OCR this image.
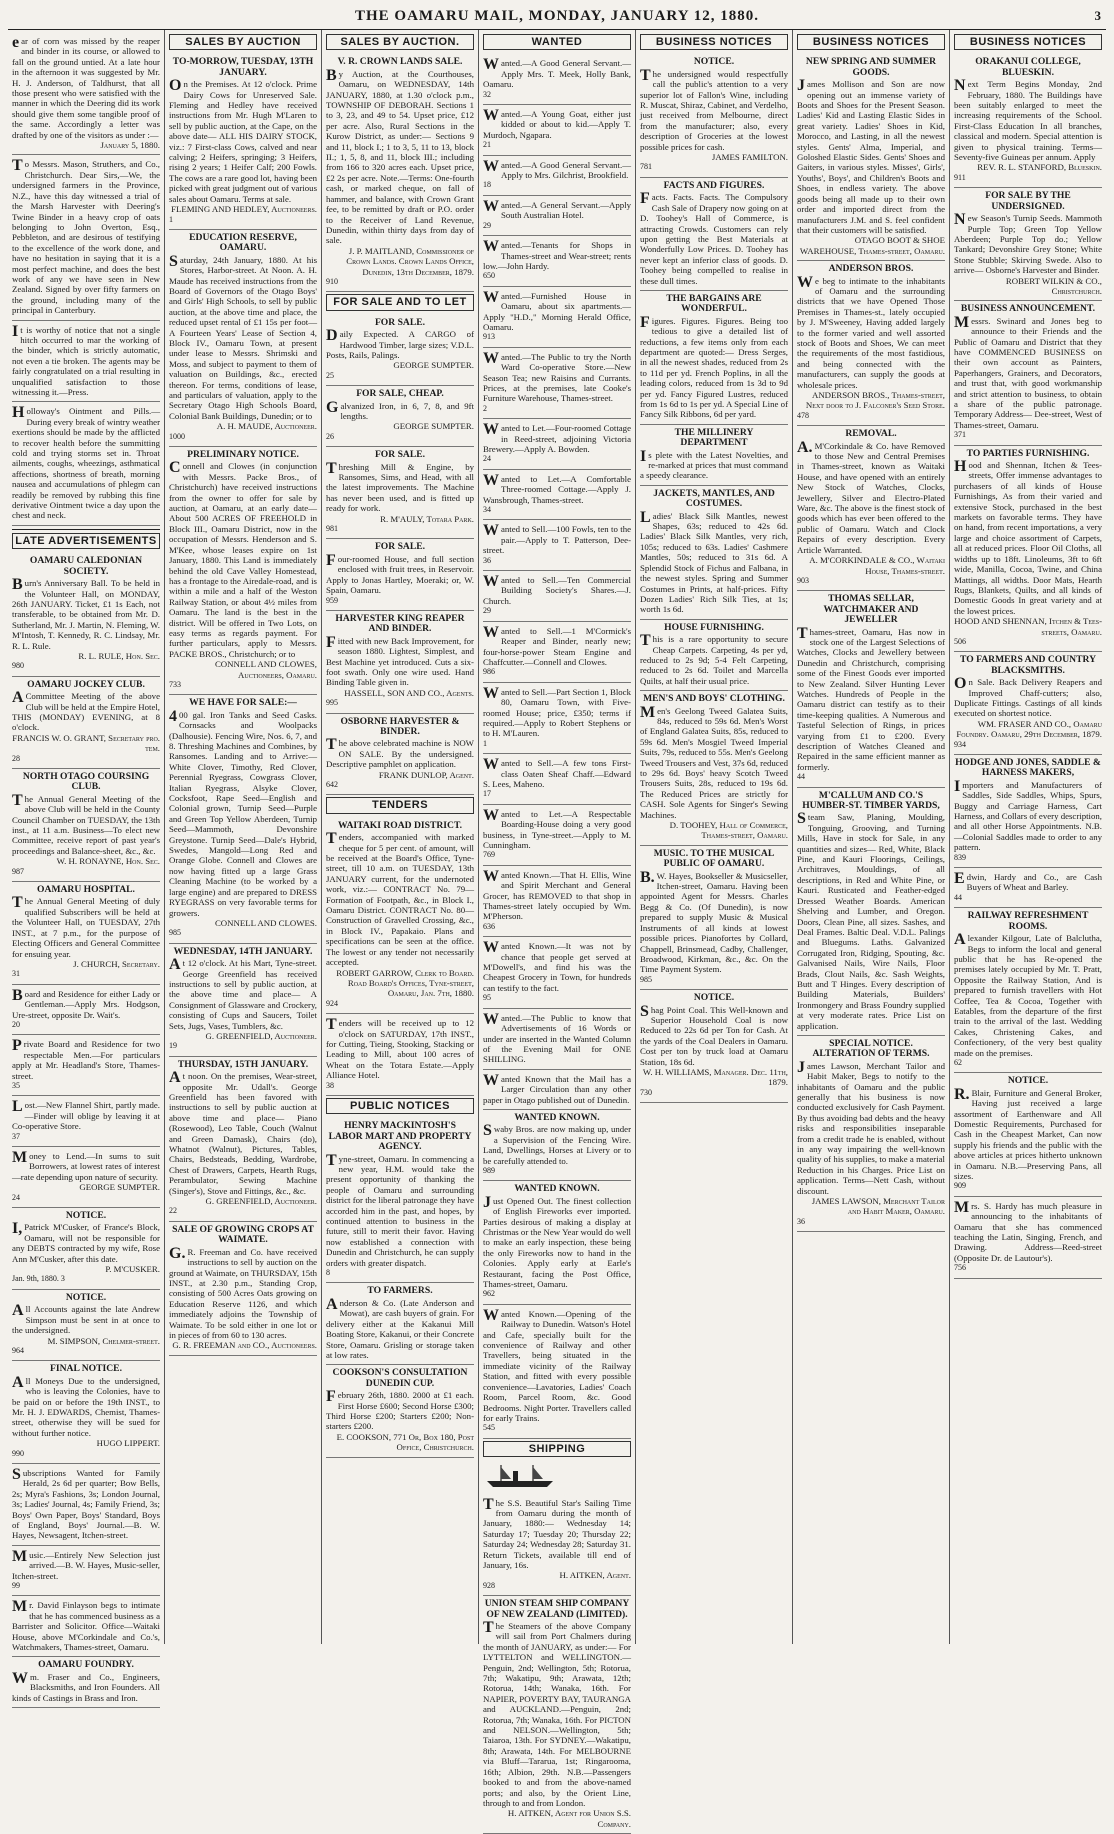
THE OAMARU MAIL, MONDAY, JANUARY 12, 1880.	3
ear of corn was missed by the reaper and binder in its course, or allowed to fall on the ground untied. At a late hour in the afternoon it was suggested by Mr. H. J. Anderson, of Taldhurst, that all those present who were satisfied with the manner in which the Deering did its work should give them some tangible proof of the same. Accordingly a letter was drafted by one of the visitors as under :—
January 5, 1880.
To Messrs. Mason, Struthers, and Co., Christchurch. Dear Sirs,—We, the undersigned farmers in the Province, N.Z., have this day witnessed a trial of the Marsh Harvester with Deering's Twine Binder in a heavy crop of oats belonging to John Overton, Esq., Pebbleton, and are desirous of testifying to the excellence of the work done, and have no hesitation in saying that it is a most perfect machine, and does the best work of any we have seen in New Zealand. Signed by over fifty farmers on the ground, including many of the principal in Canterbury.
It is worthy of notice that not a single hitch occurred to mar the working of the binder, which is strictly automatic, not even a tie broken. The agents may be fairly congratulated on a trial resulting in unqualified satisfaction to those witnessing it.—Press.
Holloway's Ointment and Pills.—During every break of wintry weather exertions should be made by the afflicted to recover health before the summitting cold and trying storms set in. Throat ailments, coughs, wheezings, asthmatical affections, shortness of breath, morning nausea and accumulations of phlegm can readily be removed by rubbing this fine derivative Ointment twice a day upon the chest and neck.
LATE ADVERTISEMENTS
OAMARU CALEDONIAN SOCIETY.
Burn's Anniversary Ball. To be held in the Volunteer Hall, on MONDAY, 26th JANUARY. Ticket, £1 1s Each, not transferable, to be obtained from Mr. D. Sutherland, Mr. J. Martin, N. Fleming, W. M'Intosh, T. Kennedy, R. C. Lindsay, Mr. R. L. Rule.
R. L. RULE, Hon. Sec.
980
OAMARU JOCKEY CLUB.
ACommittee Meeting of the above Club will be held at the Empire Hotel, THIS (MONDAY) EVENING, at 8 o'clock.
FRANCIS W. O. GRANT, Secretary pro. tem.
28
NORTH OTAGO COURSING CLUB.
The Annual General Meeting of the above Club will be held in the County Council Chamber on TUESDAY, the 13th inst., at 11 a.m. Business—To elect new Committee, receive report of past year's proceedings and Balance-sheet, &c., &c.
W. H. RONAYNE, Hon. Sec.
987
OAMARU HOSPITAL.
The Annual General Meeting of duly qualified Subscribers will be held at the Volunteer Hall, on TUESDAY, 27th INST., at 7 p.m., for the purpose of Electing Officers and General Committee for ensuing year.
J. CHURCH, Secretary.
31
Board and Residence for either Lady or Gentleman.—Apply Mrs. Hodgson, Ure-street, opposite Dr. Wait's.
20
Private Board and Residence for two respectable Men.—For particulars apply at Mr. Headland's Store, Thames-street.
35
Lost.—New Flannel Shirt, partly made.—Finder will oblige by leaving it at Co-operative Store.
37
Money to Lend.—In sums to suit Borrowers, at lowest rates of interest—rate depending upon nature of security.
GEORGE SUMPTER.
24
NOTICE.
I,Patrick M'Cusker, of France's Block, Oamaru, will not be responsible for any DEBTS contracted by my wife, Rose Ann M'Cusker, after this date.
P. M'CUSKER.
Jan. 9th, 1880. 3
NOTICE.
All Accounts against the late Andrew Simpson must be sent in at once to the undersigned.
M. SIMPSON, Chelmer-street.
964
FINAL NOTICE.
All Moneys Due to the undersigned, who is leaving the Colonies, have to be paid on or before the 19th INST., to Mr. H. J. EDWARDS, Chemist, Thames-street, otherwise they will be sued for without further notice.
HUGO LIPPERT.
990
Subscriptions Wanted for Family Herald, 2s 6d per quarter; Bow Bells, 2s; Myra's Fashions, 3s; London Journal, 3s; Ladies' Journal, 4s; Family Friend, 3s; Boys' Own Paper, Boys' Standard, Boys of England, Boys' Journal.—B. W. Hayes, Newsagent, Itchen-street.
Music.—Entirely New Selection just arrived.—B. W. Hayes, Music-seller, Itchen-street.
99
Mr. David Finlayson begs to intimate that he has commenced business as a Barrister and Solicitor. Office—Waitaki House, above M'Corkindale and Co.'s, Watchmakers, Thames-street, Oamaru.
OAMARU FOUNDRY.
Wm. Fraser and Co., Engineers, Blacksmiths, and Iron Founders. All kinds of Castings in Brass and Iron.
SALES BY AUCTION
TO-MORROW, TUESDAY, 13TH JANUARY.
On the Premises. At 12 o'clock. Prime Dairy Cows for Unreserved Sale. Fleming and Hedley have received instructions from Mr. Hugh M'Laren to sell by public auction, at the Cape, on the above date— ALL HIS DAIRY STOCK, viz.: 7 First-class Cows, calved and near calving; 2 Heifers, springing; 3 Heifers, rising 2 years; 1 Heifer Calf; 200 Fowls. The cows are a rare good lot, having been picked with great judgment out of various sales about Oamaru. Terms at sale.
FLEMING AND HEDLEY, Auctioneers.
1
EDUCATION RESERVE, OAMARU.
Saturday, 24th January, 1880. At his Stores, Harbor-street. At Noon. A. H. Maude has received instructions from the Board of Governors of the Otago Boys' and Girls' High Schools, to sell by public auction, at the above time and place, the reduced upset rental of £1 15s per foot— A Fourteen Years' Lease of Section 4, Block IV., Oamaru Town, at present under lease to Messrs. Shrimski and Moss, and subject to payment to them of valuation on Buildings, &c., erected thereon. For terms, conditions of lease, and particulars of valuation, apply to the Secretary Otago High Schools Board, Colonial Bank Buildings, Dunedin; or to
A. H. MAUDE, Auctioneer.
1000
PRELIMINARY NOTICE.
Connell and Clowes (in conjunction with Messrs. Packe Bros., of Christchurch) have received instructions from the owner to offer for sale by auction, at Oamaru, at an early date— About 500 ACRES OF FREEHOLD in Block III., Oamaru District, now in the occupation of Messrs. Henderson and S. M'Kee, whose leases expire on 1st January, 1880. This Land is immediately behind the old Cave Valley Homestead, has a frontage to the Airedale-road, and is within a mile and a half of the Weston Railway Station, or about 4½ miles from Oamaru. The land is the best in the district. Will be offered in Two Lots, on easy terms as regards payment. For further particulars, apply to Messrs. PACKE BROS., Christchurch; or to
CONNELL AND CLOWES, Auctioneers, Oamaru.
733
WE HAVE FOR SALE:—
400 gal. Iron Tanks and Seed Casks. Cornsacks and Woolpacks (Dalhousie). Fencing Wire, Nos. 6, 7, and 8. Threshing Machines and Combines, by Ransomes. Landing and to Arrive:— White Clover, Timothy, Red Clover, Perennial Ryegrass, Cowgrass Clover, Italian Ryegrass, Alsyke Clover, Cocksfoot, Rape Seed—English and Colonial grown, Turnip Seed—Purple and Green Top Yellow Aberdeen, Turnip Seed—Mammoth, Devonshire Greystone. Turnip Seed—Dale's Hybrid, Swedes, Mangold—Long Red and Orange Globe. Connell and Clowes are now having fitted up a large Grass Cleaning Machine (to be worked by a large engine) and are prepared to DRESS RYEGRASS on very favorable terms for growers.
CONNELL AND CLOWES.
985
WEDNESDAY, 14TH JANUARY.
At 12 o'clock. At his Mart, Tyne-street. George Greenfield has received instructions to sell by public auction, at the above time and place— A Consignment of Glassware and Crockery, consisting of Cups and Saucers, Toilet Sets, Jugs, Vases, Tumblers, &c.
G. GREENFIELD, Auctioneer.
19
THURSDAY, 15TH JANUARY.
At noon. On the premises, Wear-street, opposite Mr. Udall's. George Greenfield has been favored with instructions to sell by public auction at above time and place— Piano (Rosewood), Leo Table, Couch (Walnut and Green Damask), Chairs (do), Whatnot (Walnut), Pictures, Tables, Chairs, Bedsteads, Bedding, Wardrobe, Chest of Drawers, Carpets, Hearth Rugs, Perambulator, Sewing Machine (Singer's), Stove and Fittings, &c., &c.
G. GREENFIELD, Auctioneer.
22
SALE OF GROWING CROPS AT WAIMATE.
G.R. Freeman and Co. have received instructions to sell by auction on the ground at Waimate, on THURSDAY, 15th INST., at 2.30 p.m., Standing Crop, consisting of 500 Acres Oats growing on Education Reserve 1126, and which immediately adjoins the Township of Waimate. To be sold either in one lot or in pieces of from 60 to 130 acres.
G. R. FREEMAN and CO., Auctioneers.
SALES BY AUCTION.
V. R. CROWN LANDS SALE.
By Auction, at the Courthouses, Oamaru, on WEDNESDAY, 14th JANUARY, 1880, at 1.30 o'clock p.m., TOWNSHIP OF DEBORAH. Sections 1 to 3, 23, and 49 to 54. Upset price, £12 per acre. Also, Rural Sections in the Kurow District, as under:— Sections 9 and 11, block I.; 1 to 3, 5, 11 to 13, block II.; 1, 5, 8, and 11, block III.; including from 166 to 320 acres each. Upset price, £2 2s per acre. Note.—Terms: One-fourth cash, or marked cheque, on fall of hammer, and balance, with Crown Grant fee, to be remitted by draft or P.O. order to the Receiver of Land Revenue, Dunedin, within thirty days from day of sale.
J. P. MAITLAND, Commissioner of Crown Lands. Crown Lands Office, Dunedin, 13th December, 1879.
910
FOR SALE AND TO LET
FOR SALE.
Daily Expected. A CARGO of Hardwood Timber, large sizes; V.D.L. Posts, Rails, Palings.
GEORGE SUMPTER.
25
FOR SALE, CHEAP.
Galvanized Iron, in 6, 7, 8, and 9ft lengths.
GEORGE SUMPTER.
26
FOR SALE.
Threshing Mill & Engine, by Ransomes, Sims, and Head, with all the latest improvements. The Machine has never been used, and is fitted up ready for work.
R. M'AULY, Totara Park.
981
FOR SALE.
Four-roomed House, and full section enclosed with fruit trees, in Reservoir. Apply to Jonas Hartley, Moeraki; or, W. Spain, Oamaru.
959
HARVESTER KING REAPER AND BINDER.
Fitted with new Back Improvement, for season 1880. Lightest, Simplest, and Best Machine yet introduced. Cuts a six-foot swath. Only one wire used. Hand Binding Table given in.
HASSELL, SON AND CO., Agents.
995
OSBORNE HARVESTER & BINDER.
The above celebrated machine is NOW ON SALE. By the undersigned. Descriptive pamphlet on application.
FRANK DUNLOP, Agent.
642
TENDERS
WAITAKI ROAD DISTRICT.
Tenders, accompanied with marked cheque for 5 per cent. of amount, will be received at the Board's Office, Tyne-street, till 10 a.m. on TUESDAY, 13th JANUARY current, for the undernoted work, viz.:— CONTRACT No. 79—Formation of Footpath, &c., in Block I., Oamaru District. CONTRACT No. 80—Construction of Gravelled Crossing, &c., in Block IV., Papakaio. Plans and specifications can be seen at the office. The lowest or any tender not necessarily accepted.
ROBERT GARROW, Clerk to Board. Road Board's Offices, Tyne-street, Oamaru, Jan. 7th, 1880.
924
Tenders will be received up to 12 o'clock on SATURDAY, 17th INST., for Cutting, Tieing, Stooking, Stacking or Leading to Mill, about 100 acres of Wheat on the Totara Estate.—Apply Alliance Hotel.
38
PUBLIC NOTICES
HENRY MACKINTOSH'S LABOR MART AND PROPERTY AGENCY.
Tyne-street, Oamaru. In commencing a new year, H.M. would take the present opportunity of thanking the people of Oamaru and surrounding district for the liberal patronage they have accorded him in the past, and hopes, by continued attention to business in the future, still to merit their favor. Having now established a connection with Dunedin and Christchurch, he can supply orders with greater dispatch.
8
TO FARMERS.
Anderson & Co. (Late Anderson and Mowat), are cash buyers of grain. For delivery either at the Kakanui Mill Boating Store, Kakanui, or their Concrete Store, Oamaru. Grisling or storage taken at low rates.
COOKSON'S CONSULTATION DUNEDIN CUP.
February 26th, 1880. 2000 at £1 each. First Horse £600; Second Horse £300; Third Horse £200; Starters £200; Non-starters £200.
E. COOKSON, 771 Or, Box 180, Post Office, Christchurch.
WANTED
Wanted.—A Good General Servant.—Apply Mrs. T. Meek, Holly Bank, Oamaru.
32
Wanted.—A Young Goat, either just kidded or about to kid.—Apply T. Murdoch, Ngapara.
21
Wanted.—A Good General Servant.—Apply to Mrs. Gilchrist, Brookfield.
18
Wanted.—A General Servant.—Apply South Australian Hotel.
29
Wanted.—Tenants for Shops in Thames-street and Wear-street; rents low.—John Hardy.
650
Wanted.—Furnished House in Oamaru, about six apartments.—Apply "H.D.," Morning Herald Office, Oamaru.
913
Wanted.—The Public to try the North Ward Co-operative Store.—New Season Tea; new Raisins and Currants. Prices, at the premises, late Cooke's Furniture Warehouse, Thames-street.
2
Wanted to Let.—Four-roomed Cottage in Reed-street, adjoining Victoria Brewery.—Apply A. Bowden.
24
Wanted to Let.—A Comfortable Three-roomed Cottage.—Apply J. Wansbrough, Thames-street.
34
Wanted to Sell.—100 Fowls, ten to the pair.—Apply to T. Patterson, Dee-street.
36
Wanted to Sell.—Ten Commercial Building Society's Shares.—J. Church.
29
Wanted to Sell.—1 M'Cormick's Reaper and Binder, nearly new; four-horse-power Steam Engine and Chaffcutter.—Connell and Clowes.
986
Wanted to Sell.—Part Section 1, Block 80, Oamaru Town, with Five-roomed House; price, £350; terms if required.—Apply to Robert Stephens or to H. M'Lauren.
1
Wanted to Sell.—A few tons First-class Oaten Sheaf Chaff.—Edward S. Lees, Maheno.
17
Wanted to Let.—A Respectable Boarding-House doing a very good business, in Tyne-street.—Apply to M. Cunningham.
769
Wanted Known.—That H. Ellis, Wine and Spirit Merchant and General Grocer, has REMOVED to that shop in Thames-street lately occupied by Wm. M'Pherson.
636
Wanted Known.—It was not by chance that people get served at M'Dowell's, and find his was the Cheapest Grocery in Town, for hundreds can testify to the fact.
95
Wanted.—The Public to know that Advertisements of 16 Words or under are inserted in the Wanted Column of the Evening Mail for ONE SHILLING.
Wanted Known that the Mail has a Larger Circulation than any other paper in Otago published out of Dunedin.
WANTED KNOWN.
Swaby Bros. are now making up, under a Supervision of the Fencing Wire. Land, Dwellings, Horses at Livery or to be carefully attended to.
989
WANTED KNOWN.
Just Opened Out. The finest collection of English Fireworks ever imported. Parties desirous of making a display at Christmas or the New Year would do well to make an early inspection, these being the only Fireworks now to hand in the Colonies. Apply early at Earle's Restaurant, facing the Post Office, Thames-street, Oamaru.
962
Wanted Known.—Opening of the Railway to Dunedin. Watson's Hotel and Cafe, specially built for the convenience of Railway and other Travellers, being situated in the immediate vicinity of the Railway Station, and fitted with every possible convenience—Lavatories, Ladies' Coach Room, Parcel Room, &c. Good Bedrooms. Night Porter. Travellers called for early Trains.
545
SHIPPING
The S.S. Beautiful Star's Sailing Time from Oamaru during the month of January, 1880:— Wednesday 14; Saturday 17; Tuesday 20; Thursday 22; Saturday 24; Wednesday 28; Saturday 31. Return Tickets, available till end of January, 16s.
H. AITKEN, Agent.
928
UNION STEAM SHIP COMPANY OF NEW ZEALAND (LIMITED).
The Steamers of the above Company will sail from Port Chalmers during the month of JANUARY, as under:— For LYTTELTON and WELLINGTON.—Penguin, 2nd; Wellington, 5th; Rotorua, 7th; Wakatipu, 9th; Arawata, 12th; Rotorua, 14th; Wanaka, 16th. For NAPIER, POVERTY BAY, TAURANGA and AUCKLAND.—Penguin, 2nd; Rotorua, 7th; Wanaka, 16th. For PICTON and NELSON.—Wellington, 5th; Taiaroa, 13th. For SYDNEY.—Wakatipu, 8th; Arawata, 14th. For MELBOURNE via Bluff—Tararua, 1st; Ringarooma, 16th; Albion, 29th. N.B.—Passengers booked to and from the above-named ports; and also, by the Orient Line, through to and from London.
H. AITKEN, Agent for Union S.S. Company.
BUSINESS NOTICES
NOTICE.
The undersigned would respectfully call the public's attention to a very superior lot of Fallon's Wine, including R. Muscat, Shiraz, Cabinet, and Verdelho, just received from Melbourne, direct from the manufacturer; also, every description of Groceries at the lowest possible prices for cash.
JAMES FAMILTON.
781
FACTS AND FIGURES.
Facts. Facts. Facts. The Compulsory Cash Sale of Drapery now going on at D. Toohey's Hall of Commerce, is attracting Crowds. Customers can rely upon getting the Best Materials at Wonderfully Low Prices. D. Toohey has never kept an inferior class of goods. D. Toohey being compelled to realise in these dull times.
THE BARGAINS ARE WONDERFUL.
Figures. Figures. Figures. Being too tedious to give a detailed list of reductions, a few items only from each department are quoted:— Dress Serges, in all the newest shades, reduced from 2s to 11d per yd. French Poplins, in all the leading colors, reduced from 1s 3d to 9d per yd. Fancy Figured Lustres, reduced from 1s 6d to 1s per yd. A Special Line of Fancy Silk Ribbons, 6d per yard.
THE MILLINERY DEPARTMENT
Is plete with the Latest Novelties, and re-marked at prices that must command a speedy clearance.
JACKETS, MANTLES, AND COSTUMES.
Ladies' Black Silk Mantles, newest Shapes, 63s; reduced to 42s 6d. Ladies' Black Silk Mantles, very rich, 105s; reduced to 63s. Ladies' Cashmere Mantles, 50s; reduced to 31s 6d. A Splendid Stock of Fichus and Falbana, in the newest styles. Spring and Summer Costumes in Prints, at half-prices. Fifty Dozen Ladies' Rich Silk Ties, at 1s; worth 1s 6d.
HOUSE FURNISHING.
This is a rare opportunity to secure Cheap Carpets. Carpeting, 4s per yd, reduced to 2s 9d; 5-4 Felt Carpeting, reduced to 2s 6d. Toilet and Marcella Quilts, at half their usual price.
MEN'S AND BOYS' CLOTHING.
Men's Geelong Tweed Galatea Suits, 84s, reduced to 59s 6d. Men's Worst of England Galatea Suits, 85s, reduced to 59s 6d. Men's Mosgiel Tweed Imperial Suits, 79s, reduced to 55s. Men's Geelong Tweed Trousers and Vest, 37s 6d, reduced to 29s 6d. Boys' heavy Scotch Tweed Trousers Suits, 28s, reduced to 19s 6d. The Reduced Prices are strictly for CASH. Sole Agents for Singer's Sewing Machines.
D. TOOHEY, Hall of Commerce, Thames-street, Oamaru.
MUSIC. TO THE MUSICAL PUBLIC OF OAMARU.
B.W. Hayes, Bookseller & Musicseller, Itchen-street, Oamaru. Having been appointed Agent for Messrs. Charles Begg & Co. (Of Dunedin), is now prepared to supply Music & Musical Instruments of all kinds at lowest possible prices. Pianofortes by Collard, Chappell, Brinsmead, Cadby, Challenger, Broadwood, Kirkman, &c., &c. On the Time Payment System.
985
NOTICE.
Shag Point Coal. This Well-known and Superior Household Coal is now Reduced to 22s 6d per Ton for Cash. At the yards of the Coal Dealers in Oamaru. Cost per ton by truck load at Oamaru Station, 18s 6d.
W. H. WILLIAMS, Manager. Dec. 11th, 1879.
730
BUSINESS NOTICES
NEW SPRING AND SUMMER GOODS.
James Mollison and Son are now opening out an immense variety of Boots and Shoes for the Present Season. Ladies' Kid and Lasting Elastic Sides in great variety. Ladies' Shoes in Kid, Morocco, and Lasting, in all the newest styles. Gents' Alma, Imperial, and Goloshed Elastic Sides. Gents' Shoes and Gaiters, in various styles. Misses', Girls', Youths', Boys', and Children's Boots and Shoes, in endless variety. The above goods being all made up to their own order and imported direct from the manufacturers J.M. and S. feel confident that their customers will be satisfied.
OTAGO BOOT & SHOE WAREHOUSE, Thames-street, Oamaru.
ANDERSON BROS.
We beg to intimate to the inhabitants of Oamaru and the surrounding districts that we have Opened Those Premises in Thames-st., lately occupied by J. M'Sweeney, Having added largely to the former varied and well assorted stock of Boots and Shoes, We can meet the requirements of the most fastidious, and being connected with the manufacturers, can supply the goods at wholesale prices.
ANDERSON BROS., Thames-street, Next door to J. Falconer's Seed Store.
478
REMOVAL.
A.M'Corkindale & Co. have Removed to those New and Central Premises in Thames-street, known as Waitaki House, and have opened with an entirely New Stock of Watches, Clocks, Jewellery, Silver and Electro-Plated Ware, &c. The above is the finest stock of goods which has ever been offered to the public of Oamaru. Watch and Clock Repairs of every description. Every Article Warranted.
A. M'CORKINDALE & CO., Waitaki House, Thames-street.
903
THOMAS SELLAR, WATCHMAKER AND JEWELLER
Thames-street, Oamaru, Has now in stock one of the Largest Selections of Watches, Clocks and Jewellery between Dunedin and Christchurch, comprising some of the Finest Goods ever imported to New Zealand. Silver Hunting Lever Watches. Hundreds of People in the Oamaru district can testify as to their time-keeping qualities. A Numerous and Tasteful Selection of Rings, in prices varying from £1 to £200. Every description of Watches Cleaned and Repaired in the same efficient manner as formerly.
44
M'CALLUM AND CO.'S HUMBER-ST. TIMBER YARDS,
Steam Saw, Planing, Moulding, Tonguing, Grooving, and Turning Mills, Have in stock for Sale, in any quantities and sizes— Red, White, Black Pine, and Kauri Floorings, Ceilings, Architraves, Mouldings, of all descriptions, in Red and White Pine, or Kauri. Rusticated and Feather-edged Dressed Weather Boards. American Shelving and Lumber, and Oregon. Doors, Clean Pine, all sizes. Sashes, and Deal Frames. Baltic Deal. V.D.L. Palings and Bluegums. Laths. Galvanized Corrugated Iron, Ridging, Spouting, &c. Galvanised Nails, Wire Nails, Floor Brads, Clout Nails, &c. Sash Weights, Butt and T Hinges. Every description of Building Materials, Builders' Ironmongery and Brass Foundry supplied at very moderate rates. Price List on application.
SPECIAL NOTICE. ALTERATION OF TERMS.
James Lawson, Merchant Tailor and Habit Maker, Begs to notify to the inhabitants of Oamaru and the public generally that his business is now conducted exclusively for Cash Payment. By thus avoiding bad debts and the heavy risks and responsibilities inseparable from a credit trade he is enabled, without in any way impairing the well-known quality of his supplies, to make a material Reduction in his Charges. Price List on application. Terms—Nett Cash, without discount.
JAMES LAWSON, Merchant Tailor and Habit Maker, Oamaru.
36
BUSINESS NOTICES
ORAKANUI COLLEGE, BLUESKIN.
Next Term Begins Monday, 2nd February, 1880. The Buildings have been suitably enlarged to meet the increasing requirements of the School. First-Class Education In all branches, classical and modern. Special attention is given to physical training. Terms—Seventy-five Guineas per annum. Apply
REV. R. L. STANFORD, Blueskin.
911
FOR SALE BY THE UNDERSIGNED.
New Season's Turnip Seeds. Mammoth Purple Top; Green Top Yellow Aberdeen; Purple Top do.; Yellow Tankard; Devonshire Grey Stone; White Stone Stubble; Skirving Swede. Also to arrive— Osborne's Harvester and Binder.
ROBERT WILKIN & CO., Christchurch.
BUSINESS ANNOUNCEMENT.
Messrs. Swinard and Jones beg to announce to their Friends and the Public of Oamaru and District that they have COMMENCED BUSINESS on their own account as Painters, Paperhangers, Grainers, and Decorators, and trust that, with good workmanship and strict attention to business, to obtain a share of the public patronage. Temporary Address— Dee-street, West of Thames-street, Oamaru.
371
TO PARTIES FURNISHING.
Hood and Shennan, Itchen & Tees-streets, Offer immense advantages to purchasers of all kinds of House Furnishings, As from their varied and extensive Stock, purchased in the best markets on favorable terms. They have on hand, from recent importations, a very large and choice assortment of Carpets, all at reduced prices. Floor Oil Cloths, all widths up to 18ft. Linoleums, 3ft to 6ft wide, Manilla, Cocoa, Twine, and China Mattings, all widths. Door Mats, Hearth Rugs, Blankets, Quilts, and all kinds of Domestic Goods In great variety and at the lowest prices.
HOOD AND SHENNAN, Itchen & Tees-streets, Oamaru.
506
TO FARMERS AND COUNTRY BLACKSMITHS.
On Sale. Back Delivery Reapers and Improved Chaff-cutters; also, Duplicate Fittings. Castings of all kinds executed on shortest notice.
WM. FRASER AND CO., Oamaru Foundry. Oamaru, 29th December, 1879.
934
HODGE AND JONES, SADDLE & HARNESS MAKERS,
Importers and Manufacturers of Saddles, Side Saddles, Whips, Spurs, Buggy and Carriage Harness, Cart Harness, and Collars of every description, and all other Horse Appointments. N.B.—Colonial Saddles made to order to any pattern.
839
Edwin, Hardy and Co., are Cash Buyers of Wheat and Barley.
44
RAILWAY REFRESHMENT ROOMS.
Alexander Kilgour, Late of Balclutha, Begs to inform the local and general public that he has Re-opened the premises lately occupied by Mr. T. Pratt, Opposite the Railway Station, And is prepared to furnish travellers with Hot Coffee, Tea & Cocoa, Together with Eatables, from the departure of the first train to the arrival of the last. Wedding Cakes, Christening Cakes, and Confectionery, of the very best quality made on the premises.
62
NOTICE.
R.Blair, Furniture and General Broker, Having just received a large assortment of Earthenware and All Domestic Requirements, Purchased for Cash in the Cheapest Market, Can now supply his friends and the public with the above articles at prices hitherto unknown in Oamaru. N.B.—Preserving Pans, all sizes.
909
Mrs. S. Hardy has much pleasure in announcing to the inhabitants of Oamaru that she has commenced teaching the Latin, Singing, French, and Drawing. Address—Reed-street (Opposite Dr. de Lautour's).
756
